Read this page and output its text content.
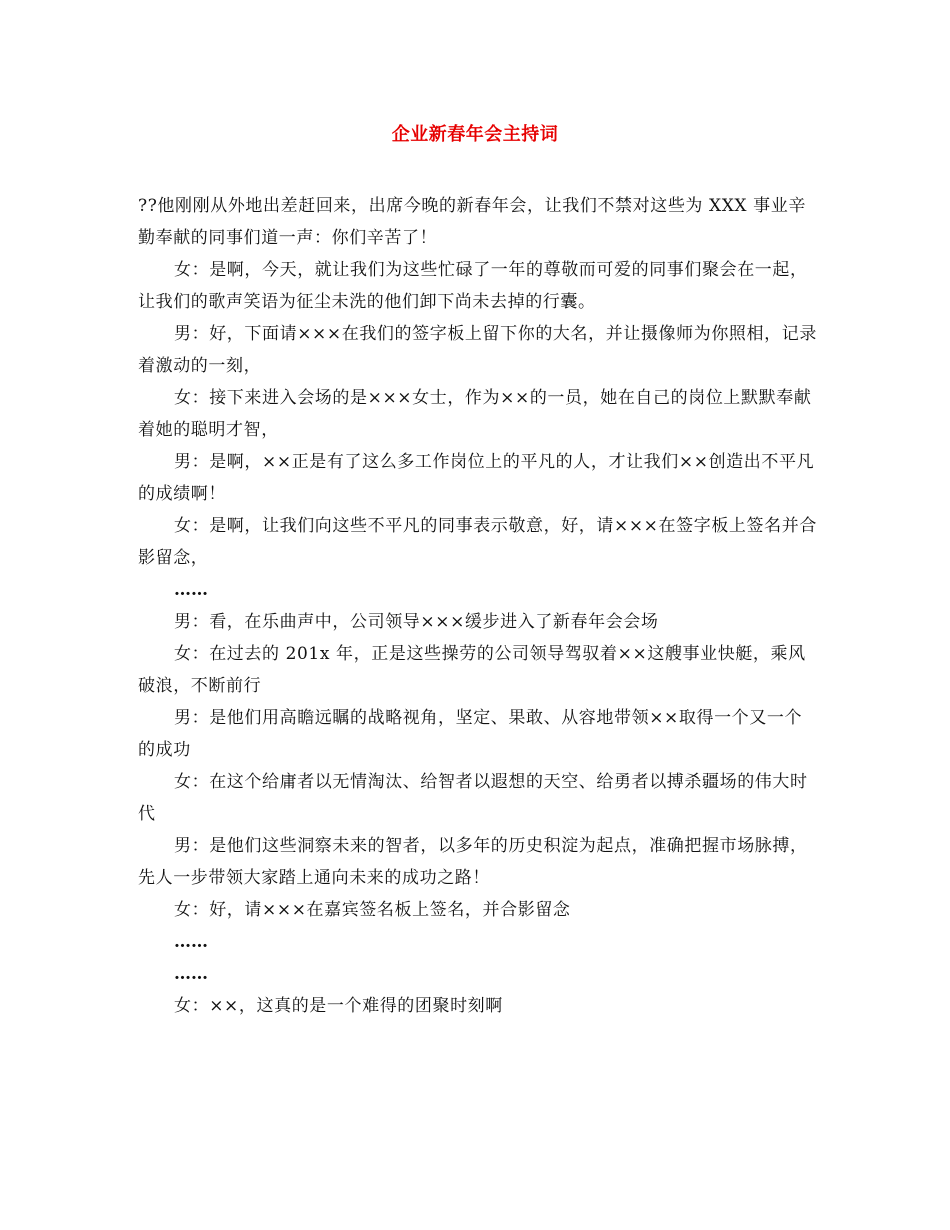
企业新春年会主持词

??他刚刚从外地出差赶回来，出席今晚的新春年会，让我们不禁对这些为 XXX 事业辛勤奉献的同事们道一声：你们辛苦了！

女：是啊，今天，就让我们为这些忙碌了一年的尊敬而可爱的同事们聚会在一起，让我们的歌声笑语为征尘未洗的他们卸下尚未去掉的行囊。

男：好，下面请×××在我们的签字板上留下你的大名，并让摄像师为你照相，记录着激动的一刻，

女：接下来进入会场的是×××女士，作为××的一员，她在自己的岗位上默默奉献着她的聪明才智，

男：是啊，××正是有了这么多工作岗位上的平凡的人，才让我们××创造出不平凡的成绩啊！

女：是啊，让我们向这些不平凡的同事表示敬意，好，请×××在签字板上签名并合影留念，

……

男：看，在乐曲声中，公司领导×××缓步进入了新春年会会场

女：在过去的 201x 年，正是这些操劳的公司领导驾驭着××这艘事业快艇，乘风破浪，不断前行

男：是他们用高瞻远瞩的战略视角，坚定、果敢、从容地带领××取得一个又一个的成功

女：在这个给庸者以无情淘汰、给智者以遐想的天空、给勇者以搏杀疆场的伟大时代

男：是他们这些洞察未来的智者，以多年的历史积淀为起点，准确把握市场脉搏，先人一步带领大家踏上通向未来的成功之路！

女：好，请×××在嘉宾签名板上签名，并合影留念

……

……

女：××，这真的是一个难得的团聚时刻啊
